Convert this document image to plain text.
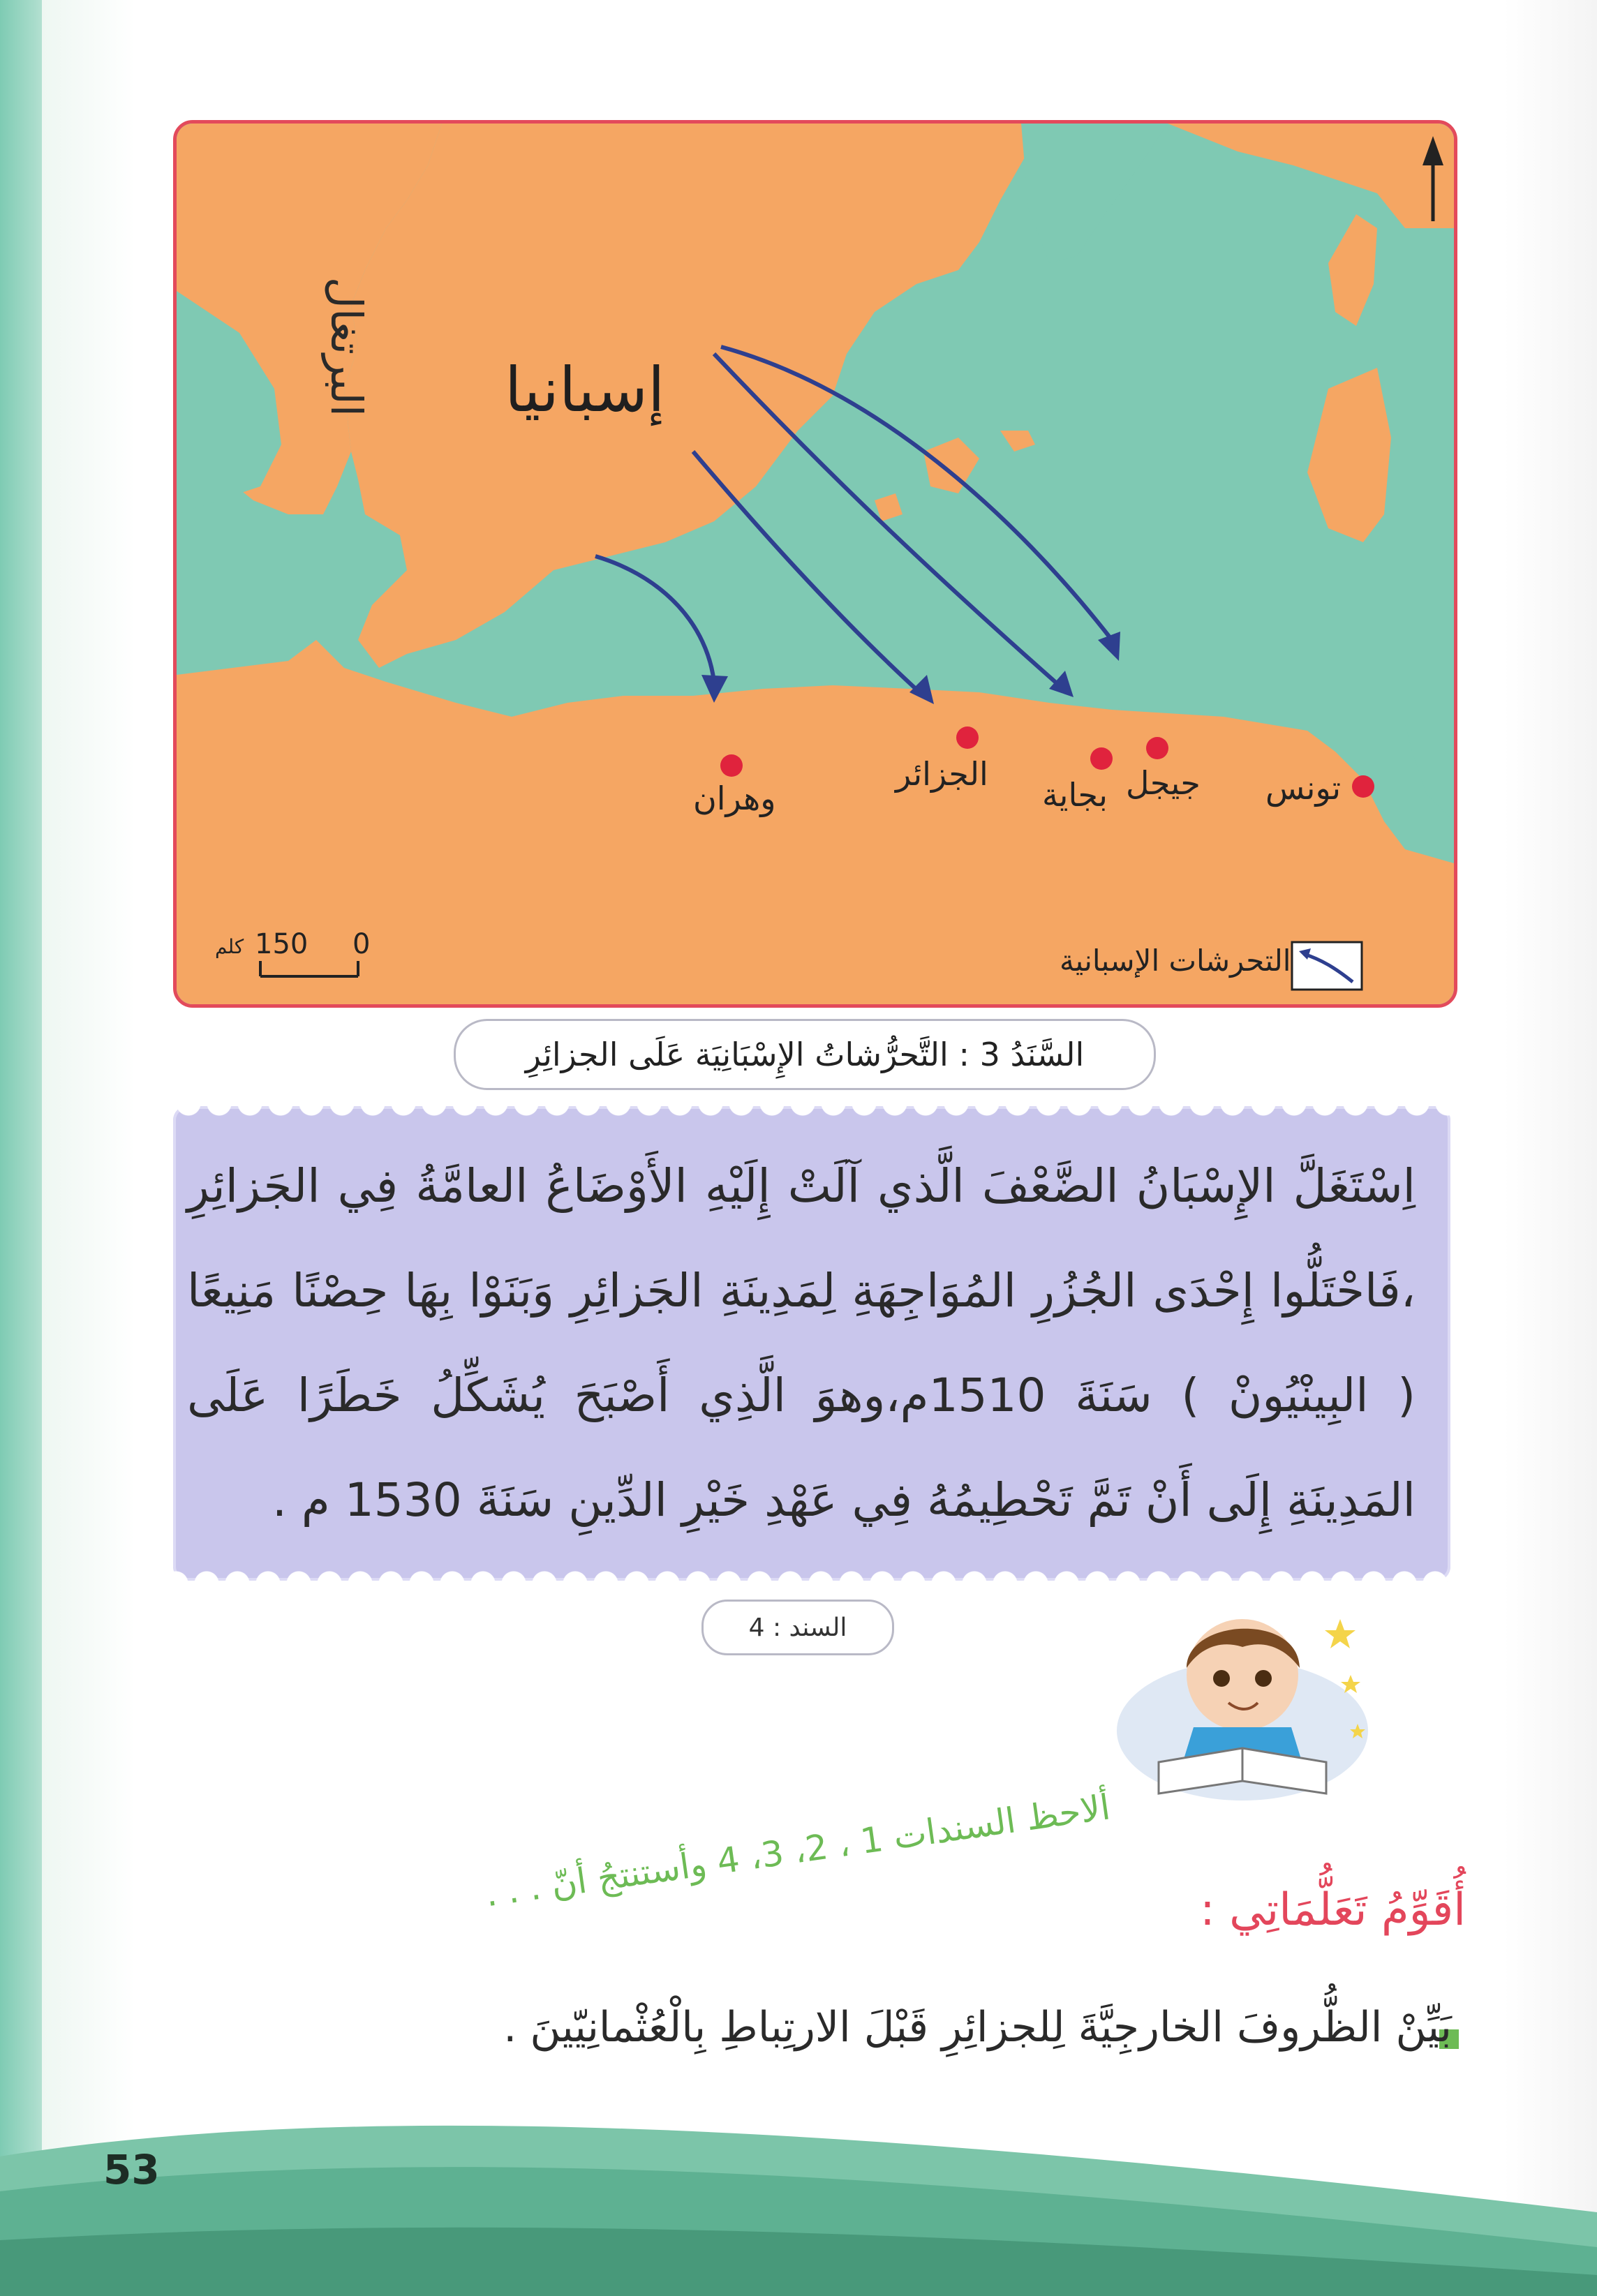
إسبانيا
وهران
الجزائر
بجاية جيجل تونس
التحرشات الإسبانية
0
150
كلم
السَّنَدُ 3 : التَّحرُّشاتُ الإِسْبَانِيَة عَلَى الجزائِرِ
اِسْتَغَلَّ الإِسْبَانُ الضَّعْفَ الَّذي آلَتْ إِلَيْهِ الأَوْضَاعُ العامَّةُ فِي الجَزائِرِ ،فَاحْتَلُّوا إِحْدَى الجُزُرِ المُوَاجِهَةِ لِمَدِينَةِ الجَزائِرِ وَبَنَوْا بِهَا حِصْنًا مَنِيعًا ( البِينْيُونْ ) سَنَةَ 1510م،وهوَ الَّذِي أَصْبَحَ يُشَكِّلُ خَطَرًا عَلَى المَدِينَةِ إِلَى أَنْ تَمَّ تَحْطِيمُهُ فِي عَهْدِ خَيْرِ الدِّينِ سَنَةَ 1530 م .
السند : 4
ألاحظ السندات 1 ، 2، 3، 4 وأستنتجُ أنّ . . .
أُقَوِّمُ تَعَلُّمَاتِي :
بَيِّنْ الظُّروفَ الخارجِيَّةَ لِلجزائِرِ قَبْلَ الارتِباطِ بِالْعُثْمانِيّينَ .
53
